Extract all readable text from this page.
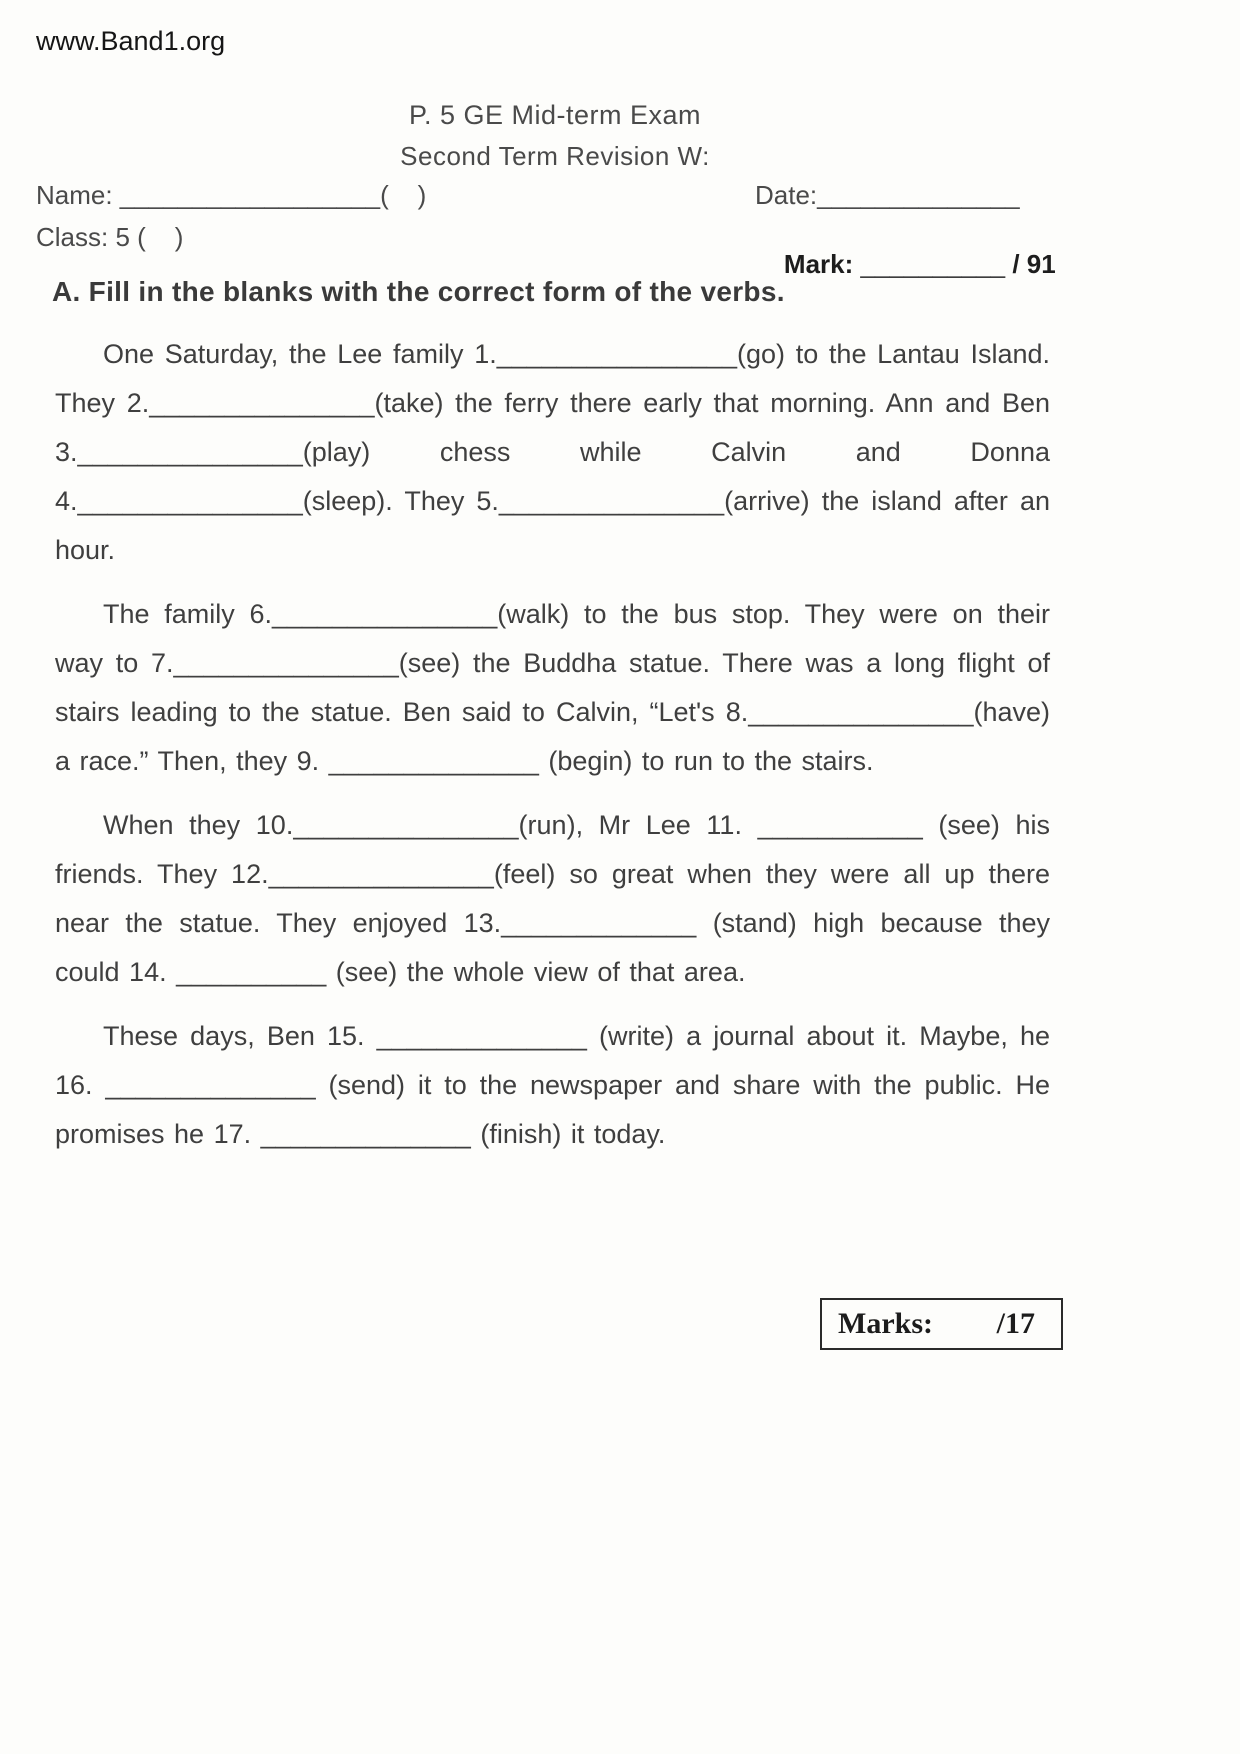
www.Band1.org
P. 5 GE Mid-term Exam
Second Term Revision W:
Name: __________________(    )	Date:______________
Class: 5 (    )

Mark: __________ / 91

A. Fill in the blanks with the correct form of the verbs.

One Saturday, the Lee family 1.________________(go) to the Lantau Island. They 2._______________(take) the ferry there early that morning. Ann and Ben 3._______________(play) chess while Calvin and Donna 4._______________(sleep). They 5._______________(arrive) the island after an hour.

The family 6._______________(walk) to the bus stop. They were on their way to 7._______________(see) the Buddha statue. There was a long flight of stairs leading to the statue. Ben said to Calvin, “Let's 8._______________(have) a race.” Then, they 9. ______________ (begin) to run to the stairs.

When they 10._______________(run), Mr Lee 11. ___________ (see) his friends. They 12._______________(feel) so great when they were all up there near the statue. They enjoyed 13._____________ (stand) high because they could 14. __________ (see) the whole view of that area.

These days, Ben 15. ______________ (write) a journal about it. Maybe, he 16. ______________ (send) it to the newspaper and share with the public. He promises he 17. ______________ (finish) it today.

Marks: /17
